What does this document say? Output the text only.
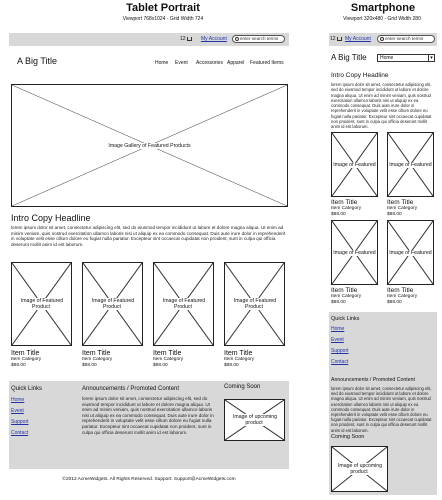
Tablet Portrait
Viewport 768x1024 - Grid Width 724
12	My Account	enter search terms
A Big Title	Home Event Accessories Apparel Featured Items
Image Gallery of Featured Products
Intro Copy Headline
lorem ipsum dolor sit amet, consectetur adipiscing elit, sed do eiusmod tempor incididunt ut labore et dolore magna aliqua. Ut enim ad minim veniam, quis nostrud exercitation ullamco laboris nisi ut aliquip ex ea commodo consequat. Duis aute irure dolor in reprehenderit in voluptate velit esse cillum dolore eu fugiat nulla pariatur. Excepteur sint occaecat cupidatat non proident, sunt in culpa qui officia deserunt mollit anim id est laborum.
Image of Featured Product
Image of Featured Product
Image of Featured Product
Image of Featured Product
Item Title
Item Category
$88.00
Item Title
Item Category
$88.00
Item Title
Item Category
$88.00
Item Title
Item Category
$88.00
Quick Links
Home
Event
Support
Contact
Announcements / Promoted Content
lorem ipsum dolor sit amet, consectetur adipiscing elit, sed do eiusmod tempor incididunt ut labore et dolore magna aliqua. Ut enim ad minim veniam, quis nostrud exercitation ullamco laboris nisi ut aliquip ex ea commodo consequat. Duis aute irure dolor in reprehenderit in voluptate velit esse cillum dolore eu fugiat nulla pariatur. Excepteur sint occaecat cupidatat non proident, sunt in culpa qui officia deserunt mollit anim id est laborum.
Coming Soon
Image of upcoming product
©2012 AcmeWidgets. All Rights Reserved. Support: Support@AcmeWidgets.com
Smartphone
Viewport 320x480 - Grid Width 280
12	My Account	enter search terms
A Big Title	Home	▾
Intro Copy Headline
lorem ipsum dolor sit amet, consectetur adipiscing elit, sed do eiusmod tempor incididunt ut labore et dolore magna aliqua. Ut enim ad minim veniam, quis nostrud exercitation ullamco laboris nisi ut aliquip ex ea commodo consequat. Duis aute irure dolor in reprehenderit in voluptate velit esse cillum dolore eu fugiat nulla pariatur. Excepteur sint occaecat cupidatat non proident, sunt in culpa qui officia deserunt mollit anim id est laborum.
Image of Featured	Image of Featured
Item Title
Item Category
$88.00
Item Title
Item Category
$88.00
Image of Featured	Image of Featured
Item Title
Item Category
$88.00
Item Title
Item Category
$88.00
Quick Links
Home
Event
Support
Contact
Announcements / Promoted Content
lorem ipsum dolor sit amet, consectetur adipiscing elit, sed do eiusmod tempor incididunt ut labore et dolore magna aliqua. Ut enim ad minim veniam, quis nostrud exercitation ullamco laboris nisi ut aliquip ex ea commodo consequat. Duis aute irure dolor in reprehenderit in voluptate velit esse cillum dolore eu fugiat nulla pariatur. Excepteur sint occaecat cupidatat non proident, sunt in culpa qui officia deserunt mollit anim id est laborum.
Coming Soon
Image of upcoming product
